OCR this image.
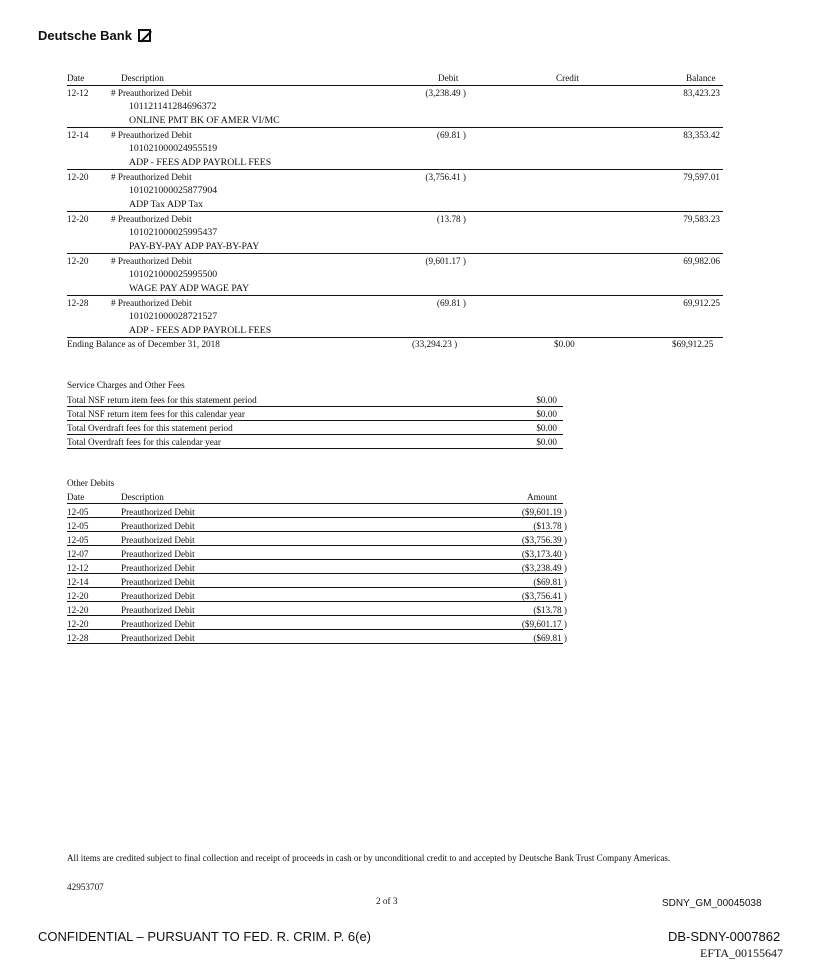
Deutsche Bank
Date	Description	Debit	Credit	Balance
12-12 # Preauthorized Debit
101121141284696372
ONLINE PMT BK OF AMER VI/MC
(3,238.49 )	83,423.23
12-14 # Preauthorized Debit
101021000024955519
ADP - FEES ADP PAYROLL FEES
(69.81 )	83,353.42
12-20 # Preauthorized Debit
101021000025877904
ADP Tax ADP Tax
(3,756.41 )	79,597.01
12-20 # Preauthorized Debit
101021000025995437
PAY-BY-PAY ADP PAY-BY-PAY
(13.78 )	79,583.23
12-20 # Preauthorized Debit
101021000025995500
WAGE PAY ADP WAGE PAY
(9,601.17 )	69,982.06
12-28 # Preauthorized Debit
101021000028721527
ADP - FEES ADP PAYROLL FEES
(69.81 )	69,912.25
Ending Balance as of December 31, 2018	(33,294.23 )	$0.00	$69,912.25
Service Charges and Other Fees
Total NSF return item fees for this statement period	$0.00
Total NSF return item fees for this calendar year	$0.00
Total Overdraft fees for this statement period	$0.00
Total Overdraft fees for this calendar year	$0.00
Other Debits
Date	Description	Amount
12-05	Preauthorized Debit	($9,601.19 )
12-05	Preauthorized Debit	($13.78 )
12-05	Preauthorized Debit	($3,756.39 )
12-07	Preauthorized Debit	($3,173.40 )
12-12	Preauthorized Debit	($3,238.49 )
12-14	Preauthorized Debit	($69.81 )
12-20	Preauthorized Debit	($3,756.41 )
12-20	Preauthorized Debit	($13.78 )
12-20	Preauthorized Debit	($9,601.17 )
12-28	Preauthorized Debit	($69.81 )
All items are credited subject to final collection and receipt of proceeds in cash or by unconditional credit to and accepted by Deutsche Bank Trust Company Americas.
42953707
2 of 3	SDNY_GM_00045038
CONFIDENTIAL – PURSUANT TO FED. R. CRIM. P. 6(e)	DB-SDNY-0007862
EFTA_00155647
